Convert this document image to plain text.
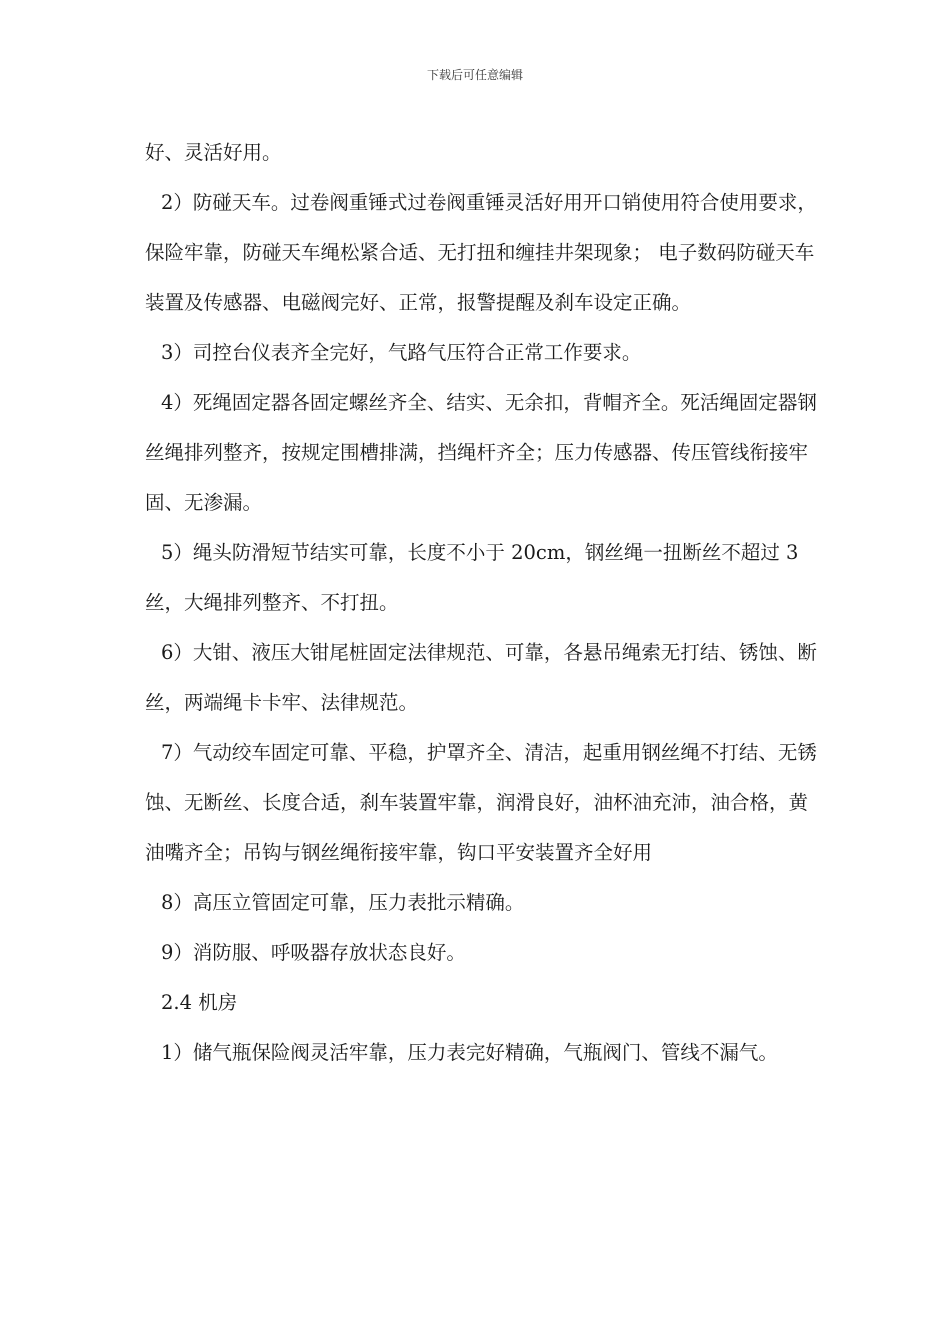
下载后可任意编辑

好、灵活好用。

2）防碰天车。过卷阀重锤式过卷阀重锤灵活好用开口销使用符合使用要求，保险牢靠，防碰天车绳松紧合适、无打扭和缠挂井架现象； 电子数码防碰天车装置及传感器、电磁阀完好、正常，报警提醒及刹车设定正确。

3）司控台仪表齐全完好，气路气压符合正常工作要求。

4）死绳固定器各固定螺丝齐全、结实、无余扣，背帽齐全。死活绳固定器钢丝绳排列整齐，按规定围槽排满，挡绳杆齐全；压力传感器、传压管线衔接牢固、无渗漏。

5）绳头防滑短节结实可靠，长度不小于 20cm，钢丝绳一扭断丝不超过 3 丝，大绳排列整齐、不打扭。

6）大钳、液压大钳尾桩固定法律规范、可靠，各悬吊绳索无打结、锈蚀、断丝，两端绳卡卡牢、法律规范。

7）气动绞车固定可靠、平稳，护罩齐全、清洁，起重用钢丝绳不打结、无锈蚀、无断丝、长度合适，刹车装置牢靠，润滑良好，油杯油充沛，油合格，黄油嘴齐全；吊钩与钢丝绳衔接牢靠，钩口平安装置齐全好用

8）高压立管固定可靠，压力表批示精确。

9）消防服、呼吸器存放状态良好。

2.4 机房

1）储气瓶保险阀灵活牢靠，压力表完好精确，气瓶阀门、管线不漏气。
